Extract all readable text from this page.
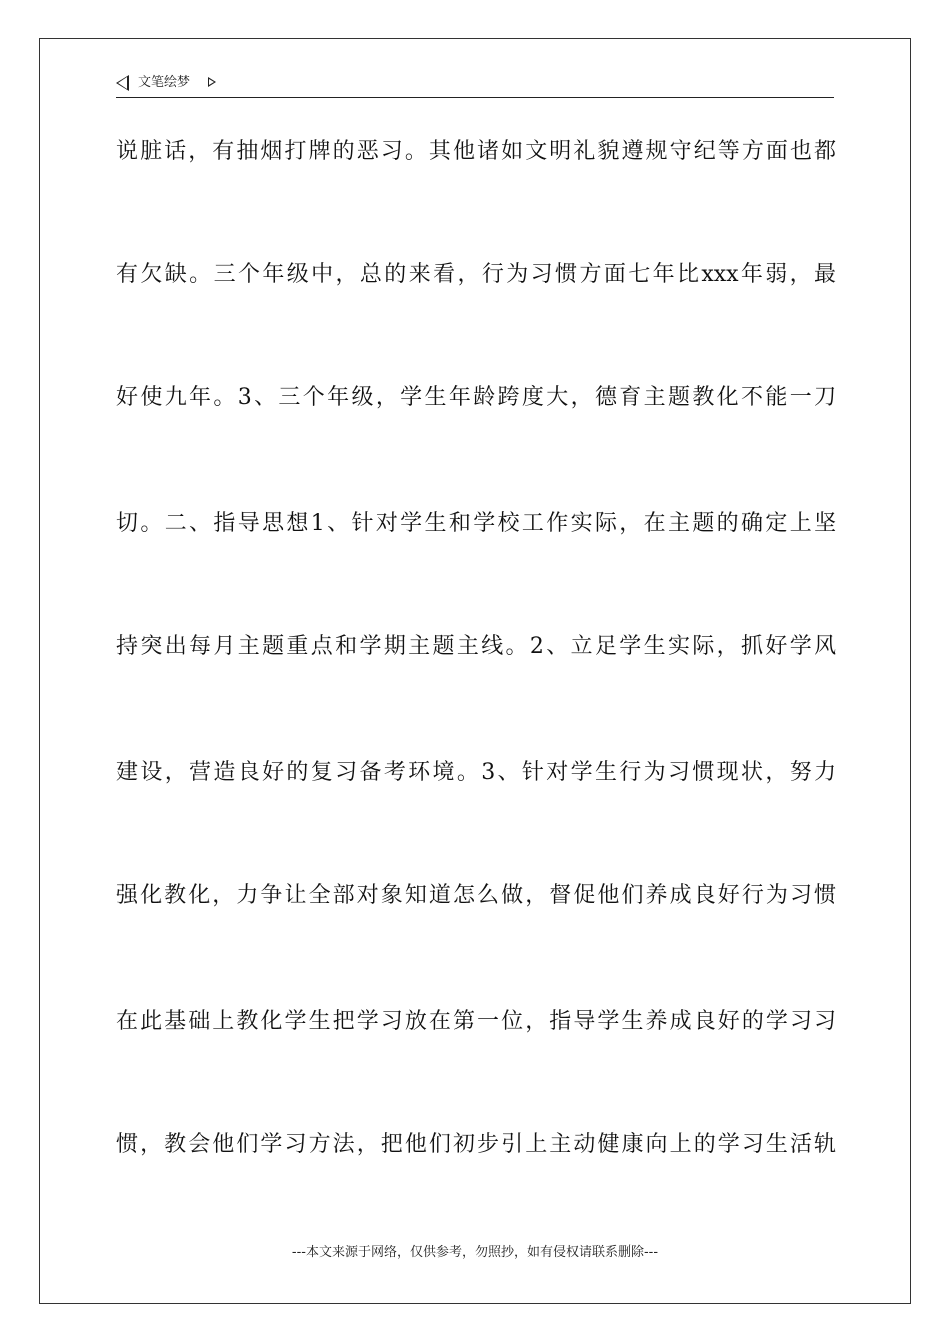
文笔绘梦
说脏话，有抽烟打牌的恶习。其他诸如文明礼貌遵规守纪等方面也都
有欠缺。三个年级中，总的来看，行为习惯方面七年比xxx年弱，最
好使九年。3、三个年级，学生年龄跨度大，德育主题教化不能一刀
切。二、指导思想1、针对学生和学校工作实际，在主题的确定上坚
持突出每月主题重点和学期主题主线。2、立足学生实际，抓好学风
建设，营造良好的复习备考环境。3、针对学生行为习惯现状，努力
强化教化，力争让全部对象知道怎么做，督促他们养成良好行为习惯
在此基础上教化学生把学习放在第一位，指导学生养成良好的学习习
惯，教会他们学习方法，把他们初步引上主动健康向上的学习生活轨
---本文来源于网络，仅供参考，勿照抄，如有侵权请联系删除---
